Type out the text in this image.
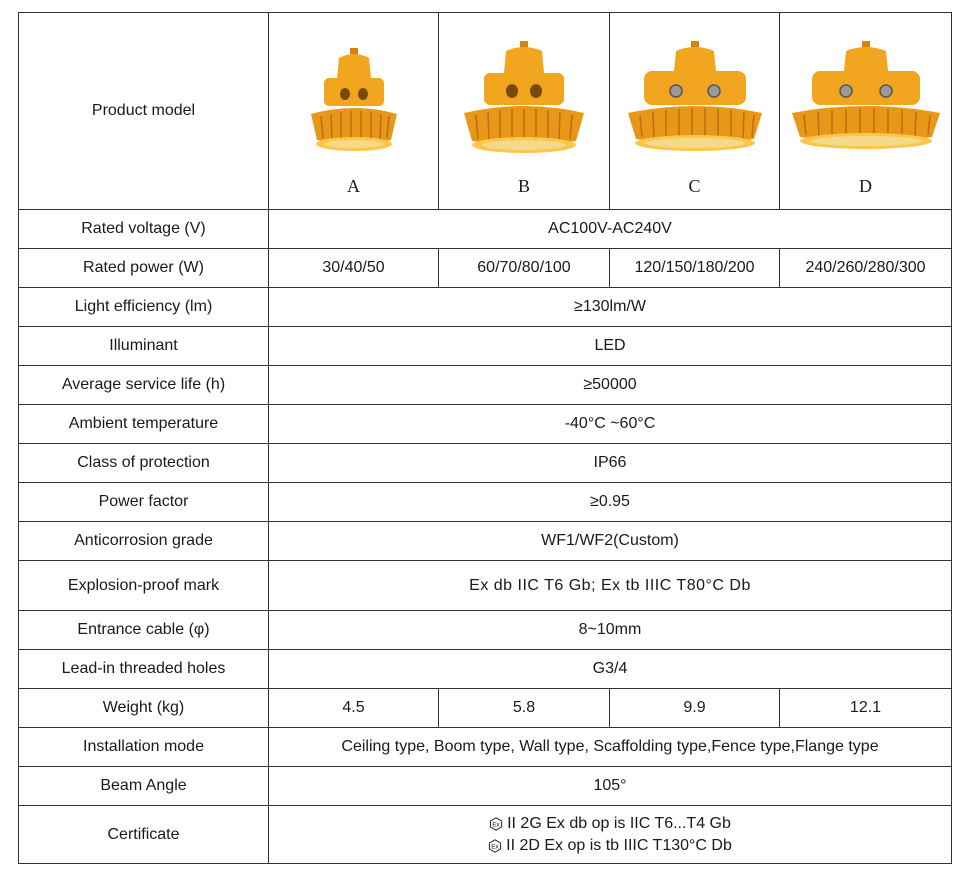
Product model	A	B	C	D

Rated voltage (V)	AC100V-AC240V			
Rated power (W)	30/40/50	60/70/80/100	120/150/180/200	240/260/280/300
Light efficiency (lm)	≥130lm/W			
Illuminant	LED			
Average service life (h)	≥50000			
Ambient temperature	-40°C ~60°C			
Class of protection	IP66			
Power factor	≥0.95			
Anticorrosion grade	WF1/WF2(Custom)			
Explosion-proof mark	Ex db IIC T6 Gb; Ex tb IIIC T80°C Db			
Entrance cable (φ)	8~10mm			
Lead-in threaded holes	G3/4			
Weight (kg)	4.5	5.8	9.9	12.1
Installation mode	Ceiling type, Boom type, Wall type, Scaffolding type,Fence type,Flange type			
Beam Angle	105°			
Certificate	Ex II 2G Ex db op is IIC T6...T4 Gb
Ex II 2D Ex op is tb IIIC T130°C Db			
